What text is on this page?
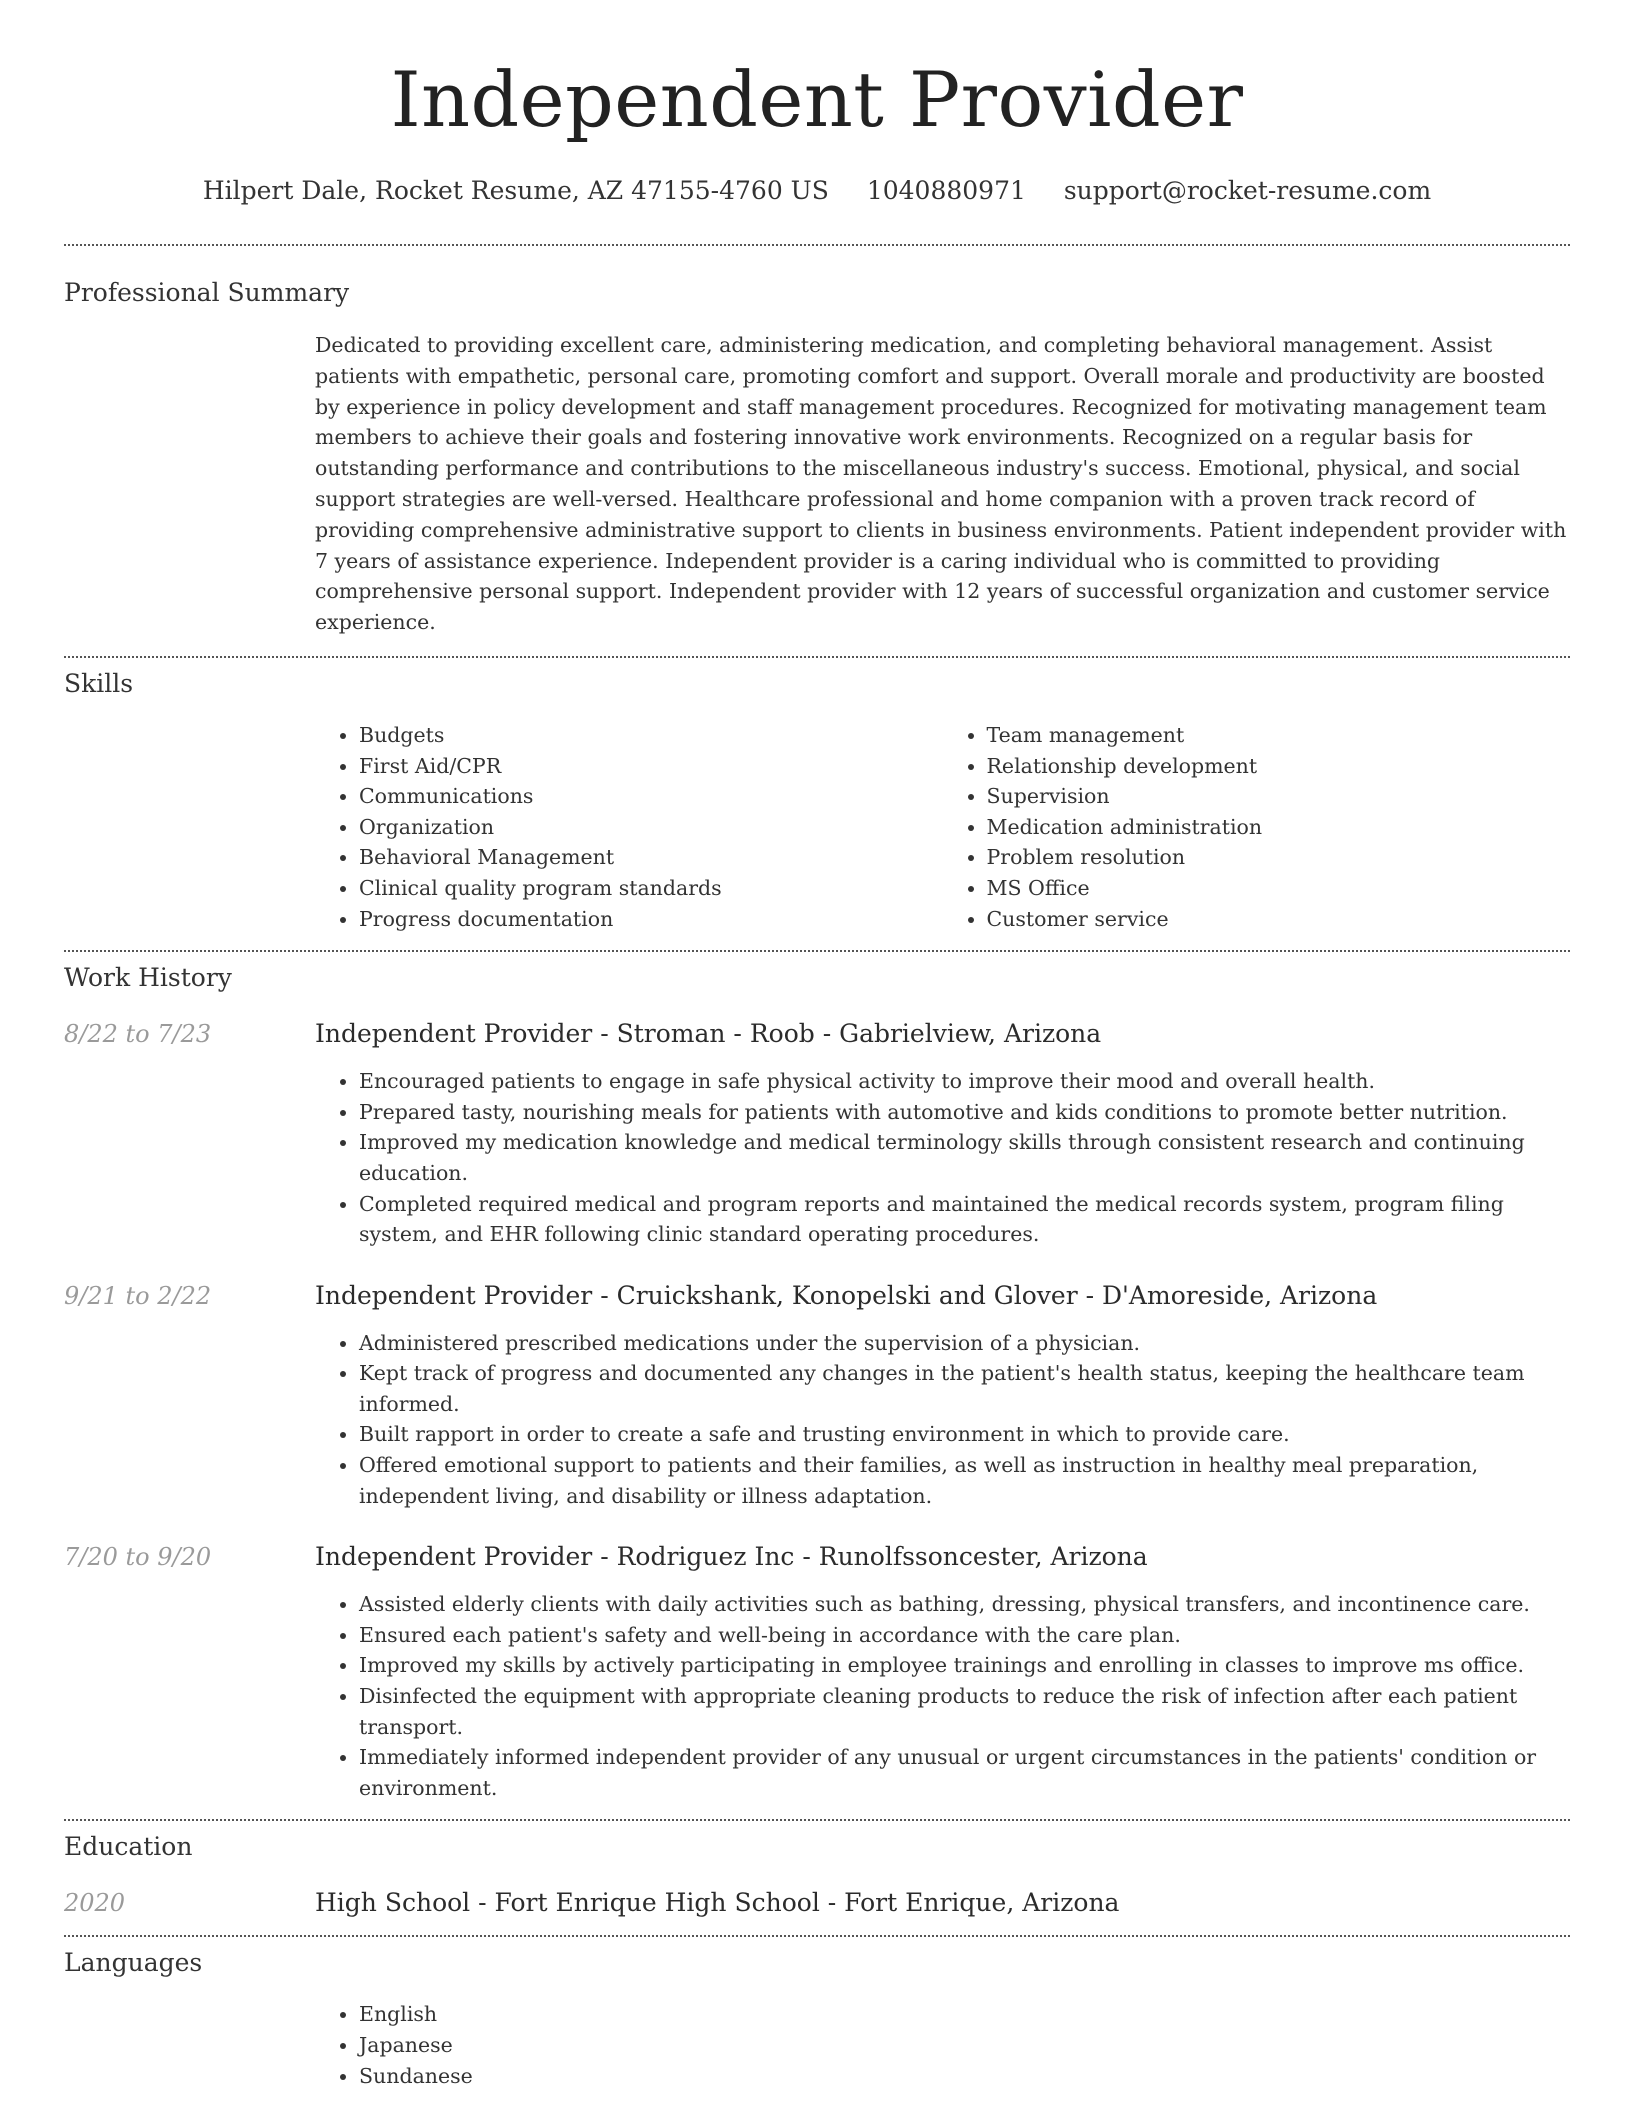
Independent Provider
Hilpert Dale, Rocket Resume, AZ 47155-4760 US 1040880971 support@rocket-resume.com
Professional Summary

Dedicated to providing excellent care, administering medication, and completing behavioral management. Assist patients with empathetic, personal care, promoting comfort and support. Overall morale and productivity are boosted by experience in policy development and staff management procedures. Recognized for motivating management team members to achieve their goals and fostering innovative work environments. Recognized on a regular basis for outstanding performance and contributions to the miscellaneous industry's success. Emotional, physical, and social support strategies are well-versed. Healthcare professional and home companion with a proven track record of providing comprehensive administrative support to clients in business environments. Patient independent provider with 7 years of assistance experience. Independent provider is a caring individual who is committed to providing comprehensive personal support. Independent provider with 12 years of successful organization and customer service experience.

Skills
• Budgets
• First Aid/CPR
• Communications
• Organization
• Behavioral Management
• Clinical quality program standards
• Progress documentation
• Team management
• Relationship development
• Supervision
• Medication administration
• Problem resolution
• MS Office
• Customer service
Work History
8/22 to 7/23	Independent Provider - Stroman - Roob - Gabrielview, Arizona
• Encouraged patients to engage in safe physical activity to improve their mood and overall health.
• Prepared tasty, nourishing meals for patients with automotive and kids conditions to promote better nutrition.
• Improved my medication knowledge and medical terminology skills through consistent research and continuing education.
• Completed required medical and program reports and maintained the medical records system, program filing system, and EHR following clinic standard operating procedures.
9/21 to 2/22	Independent Provider - Cruickshank, Konopelski and Glover - D'Amoreside, Arizona
• Administered prescribed medications under the supervision of a physician.
• Kept track of progress and documented any changes in the patient's health status, keeping the healthcare team informed.
• Built rapport in order to create a safe and trusting environment in which to provide care.
• Offered emotional support to patients and their families, as well as instruction in healthy meal preparation, independent living, and disability or illness adaptation.
7/20 to 9/20	Independent Provider - Rodriguez Inc - Runolfssoncester, Arizona
• Assisted elderly clients with daily activities such as bathing, dressing, physical transfers, and incontinence care.
• Ensured each patient's safety and well-being in accordance with the care plan.
• Improved my skills by actively participating in employee trainings and enrolling in classes to improve ms office.
• Disinfected the equipment with appropriate cleaning products to reduce the risk of infection after each patient transport.
• Immediately informed independent provider of any unusual or urgent circumstances in the patients' condition or environment.
Education
2020	High School - Fort Enrique High School - Fort Enrique, Arizona
Languages
• English
• Japanese
• Sundanese
